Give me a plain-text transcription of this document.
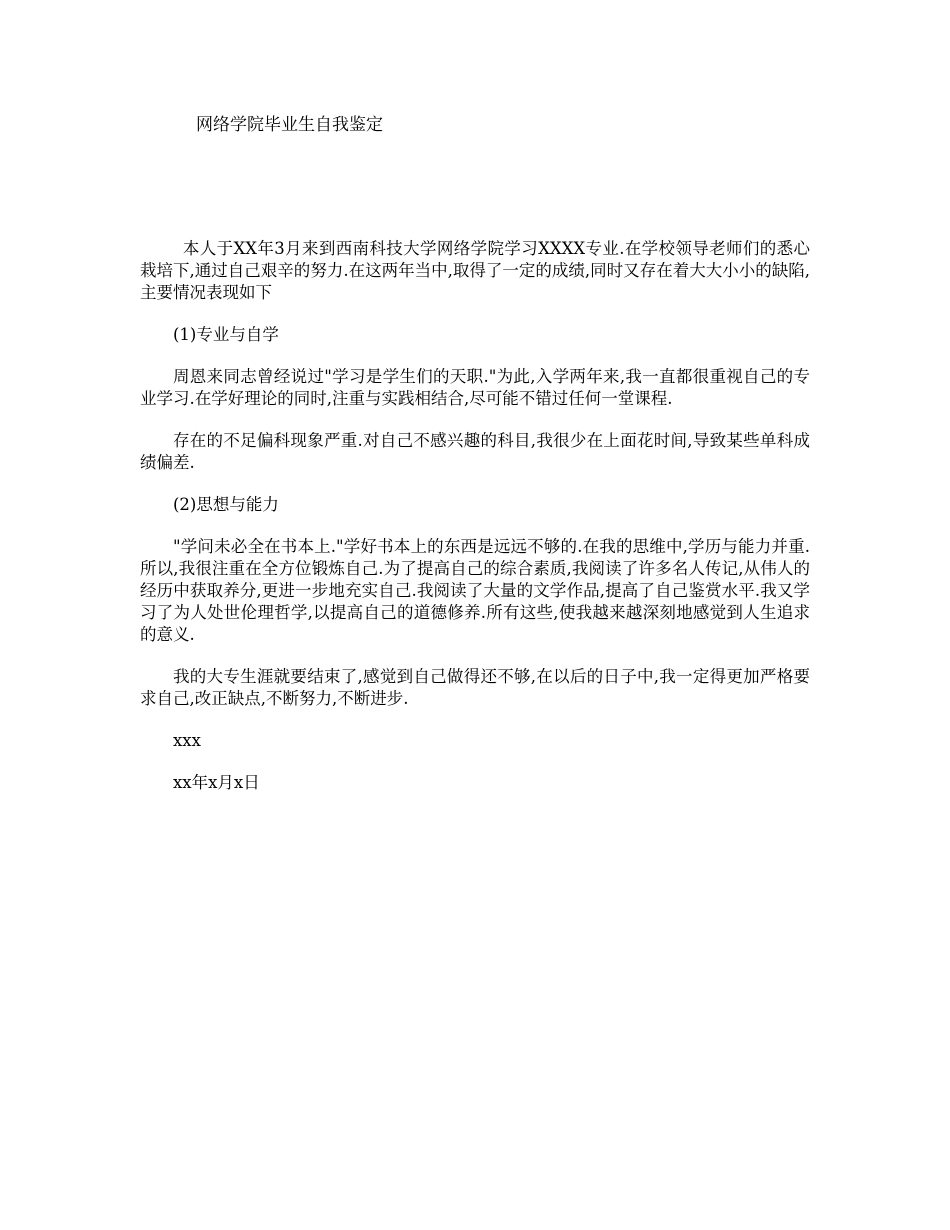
网络学院毕业生自我鉴定

本人于XX年3月来到西南科技大学网络学院学习XXXX专业.在学校领导老师们的悉心栽培下,通过自己艰辛的努力.在这两年当中,取得了一定的成绩,同时又存在着大大小小的缺陷,主要情况表现如下

(1)专业与自学

周恩来同志曾经说过"学习是学生们的天职."为此,入学两年来,我一直都很重视自己的专业学习.在学好理论的同时,注重与实践相结合,尽可能不错过任何一堂课程.

存在的不足偏科现象严重.对自己不感兴趣的科目,我很少在上面花时间,导致某些单科成绩偏差.

(2)思想与能力

"学问未必全在书本上."学好书本上的东西是远远不够的.在我的思维中,学历与能力并重.所以,我很注重在全方位锻炼自己.为了提高自己的综合素质,我阅读了许多名人传记,从伟人的经历中获取养分,更进一步地充实自己.我阅读了大量的文学作品,提高了自己鉴赏水平.我又学习了为人处世伦理哲学,以提高自己的道德修养.所有这些,使我越来越深刻地感觉到人生追求的意义.

我的大专生涯就要结束了,感觉到自己做得还不够,在以后的日子中,我一定得更加严格要求自己,改正缺点,不断努力,不断进步.

xxx

xx年x月x日
